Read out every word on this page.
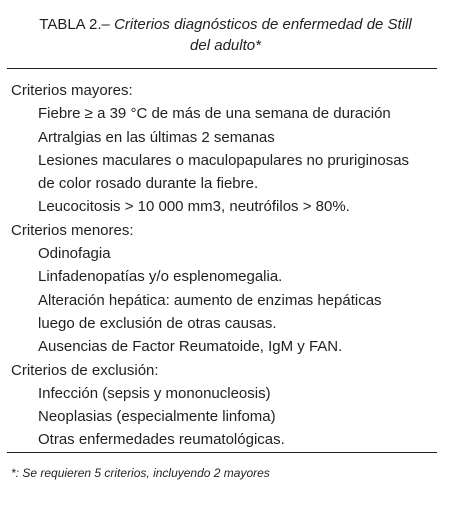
TABLA 2.– Criterios diagnósticos de enfermedad de Still
del adulto*
Criterios mayores:
Fiebre ≥ a 39 °C de más de una semana de duración
Artralgias en las últimas 2 semanas
Lesiones maculares o maculopapulares no pruriginosas
de color rosado durante la fiebre.
Leucocitosis > 10 000 mm3, neutrófilos > 80%.
Criterios menores:
Odinofagia
Linfadenopatías y/o esplenomegalia.
Alteración hepática: aumento de enzimas hepáticas
luego de exclusión de otras causas.
Ausencias de Factor Reumatoide, IgM y FAN.
Criterios de exclusión:
Infección (sepsis y mononucleosis)
Neoplasias (especialmente linfoma)
Otras enfermedades reumatológicas.
*: Se requieren 5 criterios, incluyendo 2 mayores
